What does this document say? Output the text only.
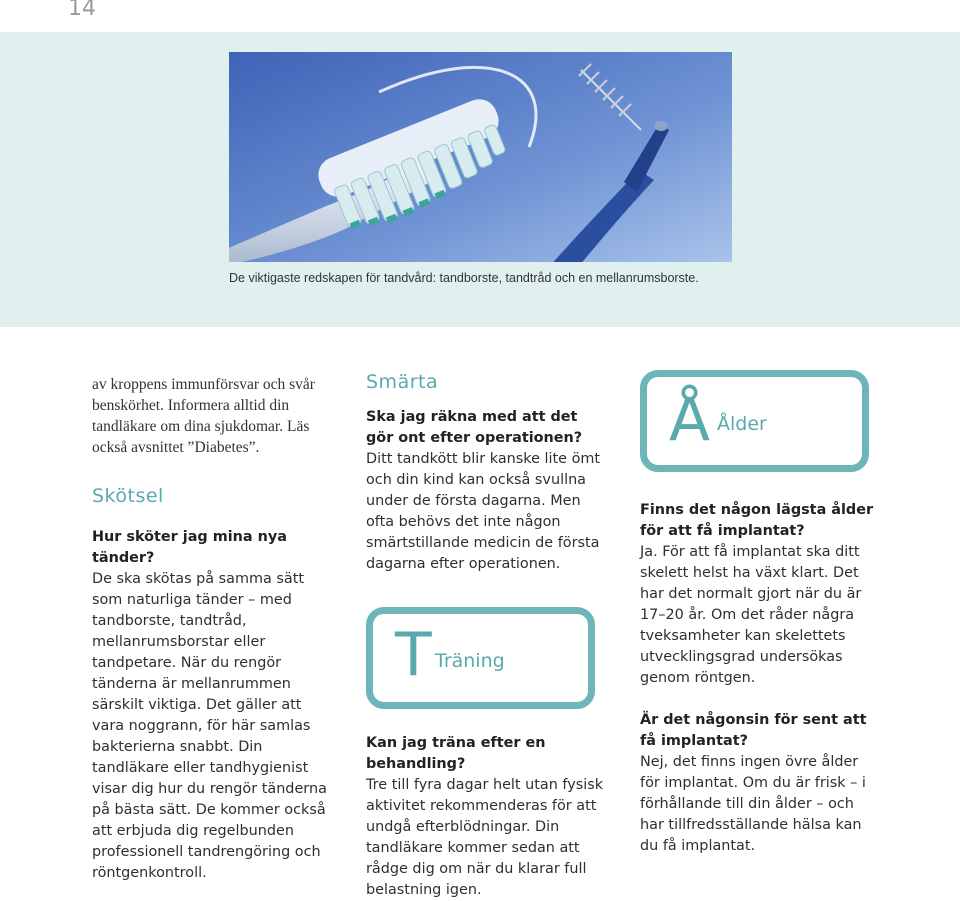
14
De viktigaste redskapen för tandvård: tandborste, tandtråd och en mellanrumsborste.

av kroppens immunförsvar och svår benskörhet. Informera alltid din tandläkare om dina sjukdomar. Läs också avsnittet ”Diabetes”.

Skötsel

Hur sköter jag mina nya tänder?

De ska skötas på samma sätt som naturliga tänder – med tandborste, tandtråd, mellanrumsborstar eller tandpetare. När du rengör tänderna är mellanrummen särskilt viktiga. Det gäller att vara noggrann, för här samlas bakterierna snabbt. Din tandläkare eller tandhygienist visar dig hur du rengör tänderna på bästa sätt. De kommer också att erbjuda dig regelbunden professionell tandrengöring och röntgenkontroll.

Smärta

Ska jag räkna med att det gör ont efter operationen?

Ditt tandkött blir kanske lite ömt och din kind kan också svullna under de första dagarna. Men ofta behövs det inte någon smärtstillande medicin de första dagarna efter operationen.

T Träning

Kan jag träna efter en behandling?

Tre till fyra dagar helt utan fysisk aktivitet rekommenderas för att undgå efterblödningar. Din tandläkare kommer sedan att rådge dig om när du klarar full belastning igen.

Å Ålder

Finns det någon lägsta ålder för att få implantat?

Ja. För att få implantat ska ditt skelett helst ha växt klart. Det har det normalt gjort när du är 17–20 år. Om det råder några tveksamheter kan skelettets utvecklingsgrad undersökas genom röntgen.

Är det någonsin för sent att få implantat?

Nej, det finns ingen övre ålder för implantat. Om du är frisk – i förhållande till din ålder – och har tillfredsställande hälsa kan du få implantat.
